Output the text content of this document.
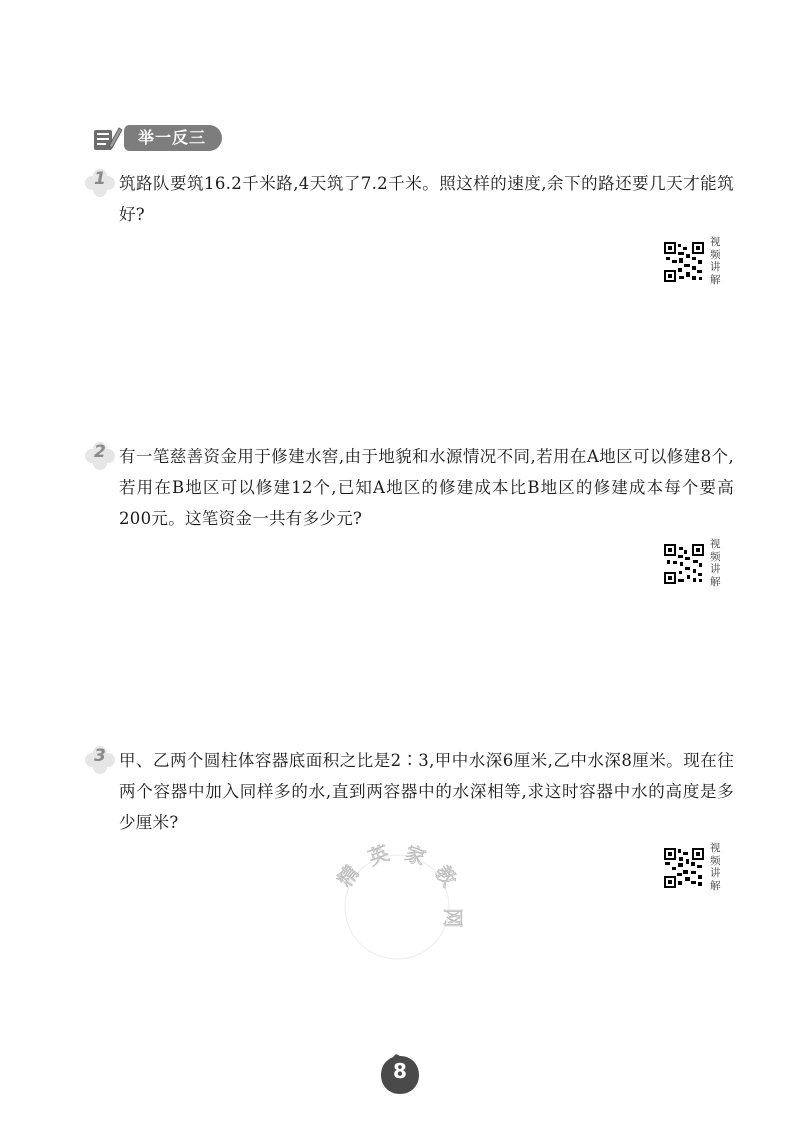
举一反三
1 筑路队要筑16.2千米路,4天筑了7.2千米。照这样的速度,余下的路还要几天才能筑好?
视频讲解
2 有一笔慈善资金用于修建水窖,由于地貌和水源情况不同,若用在A地区可以修建8个,若用在B地区可以修建12个,已知A地区的修建成本比B地区的修建成本每个要高200元。这笔资金一共有多少元?
视频讲解
3 甲、乙两个圆柱体容器底面积之比是2∶3,甲中水深6厘米,乙中水深8厘米。现在往两个容器中加入同样多的水,直到两容器中的水深相等,求这时容器中水的高度是多少厘米?
视频讲解
精
英 家
教
网
8
